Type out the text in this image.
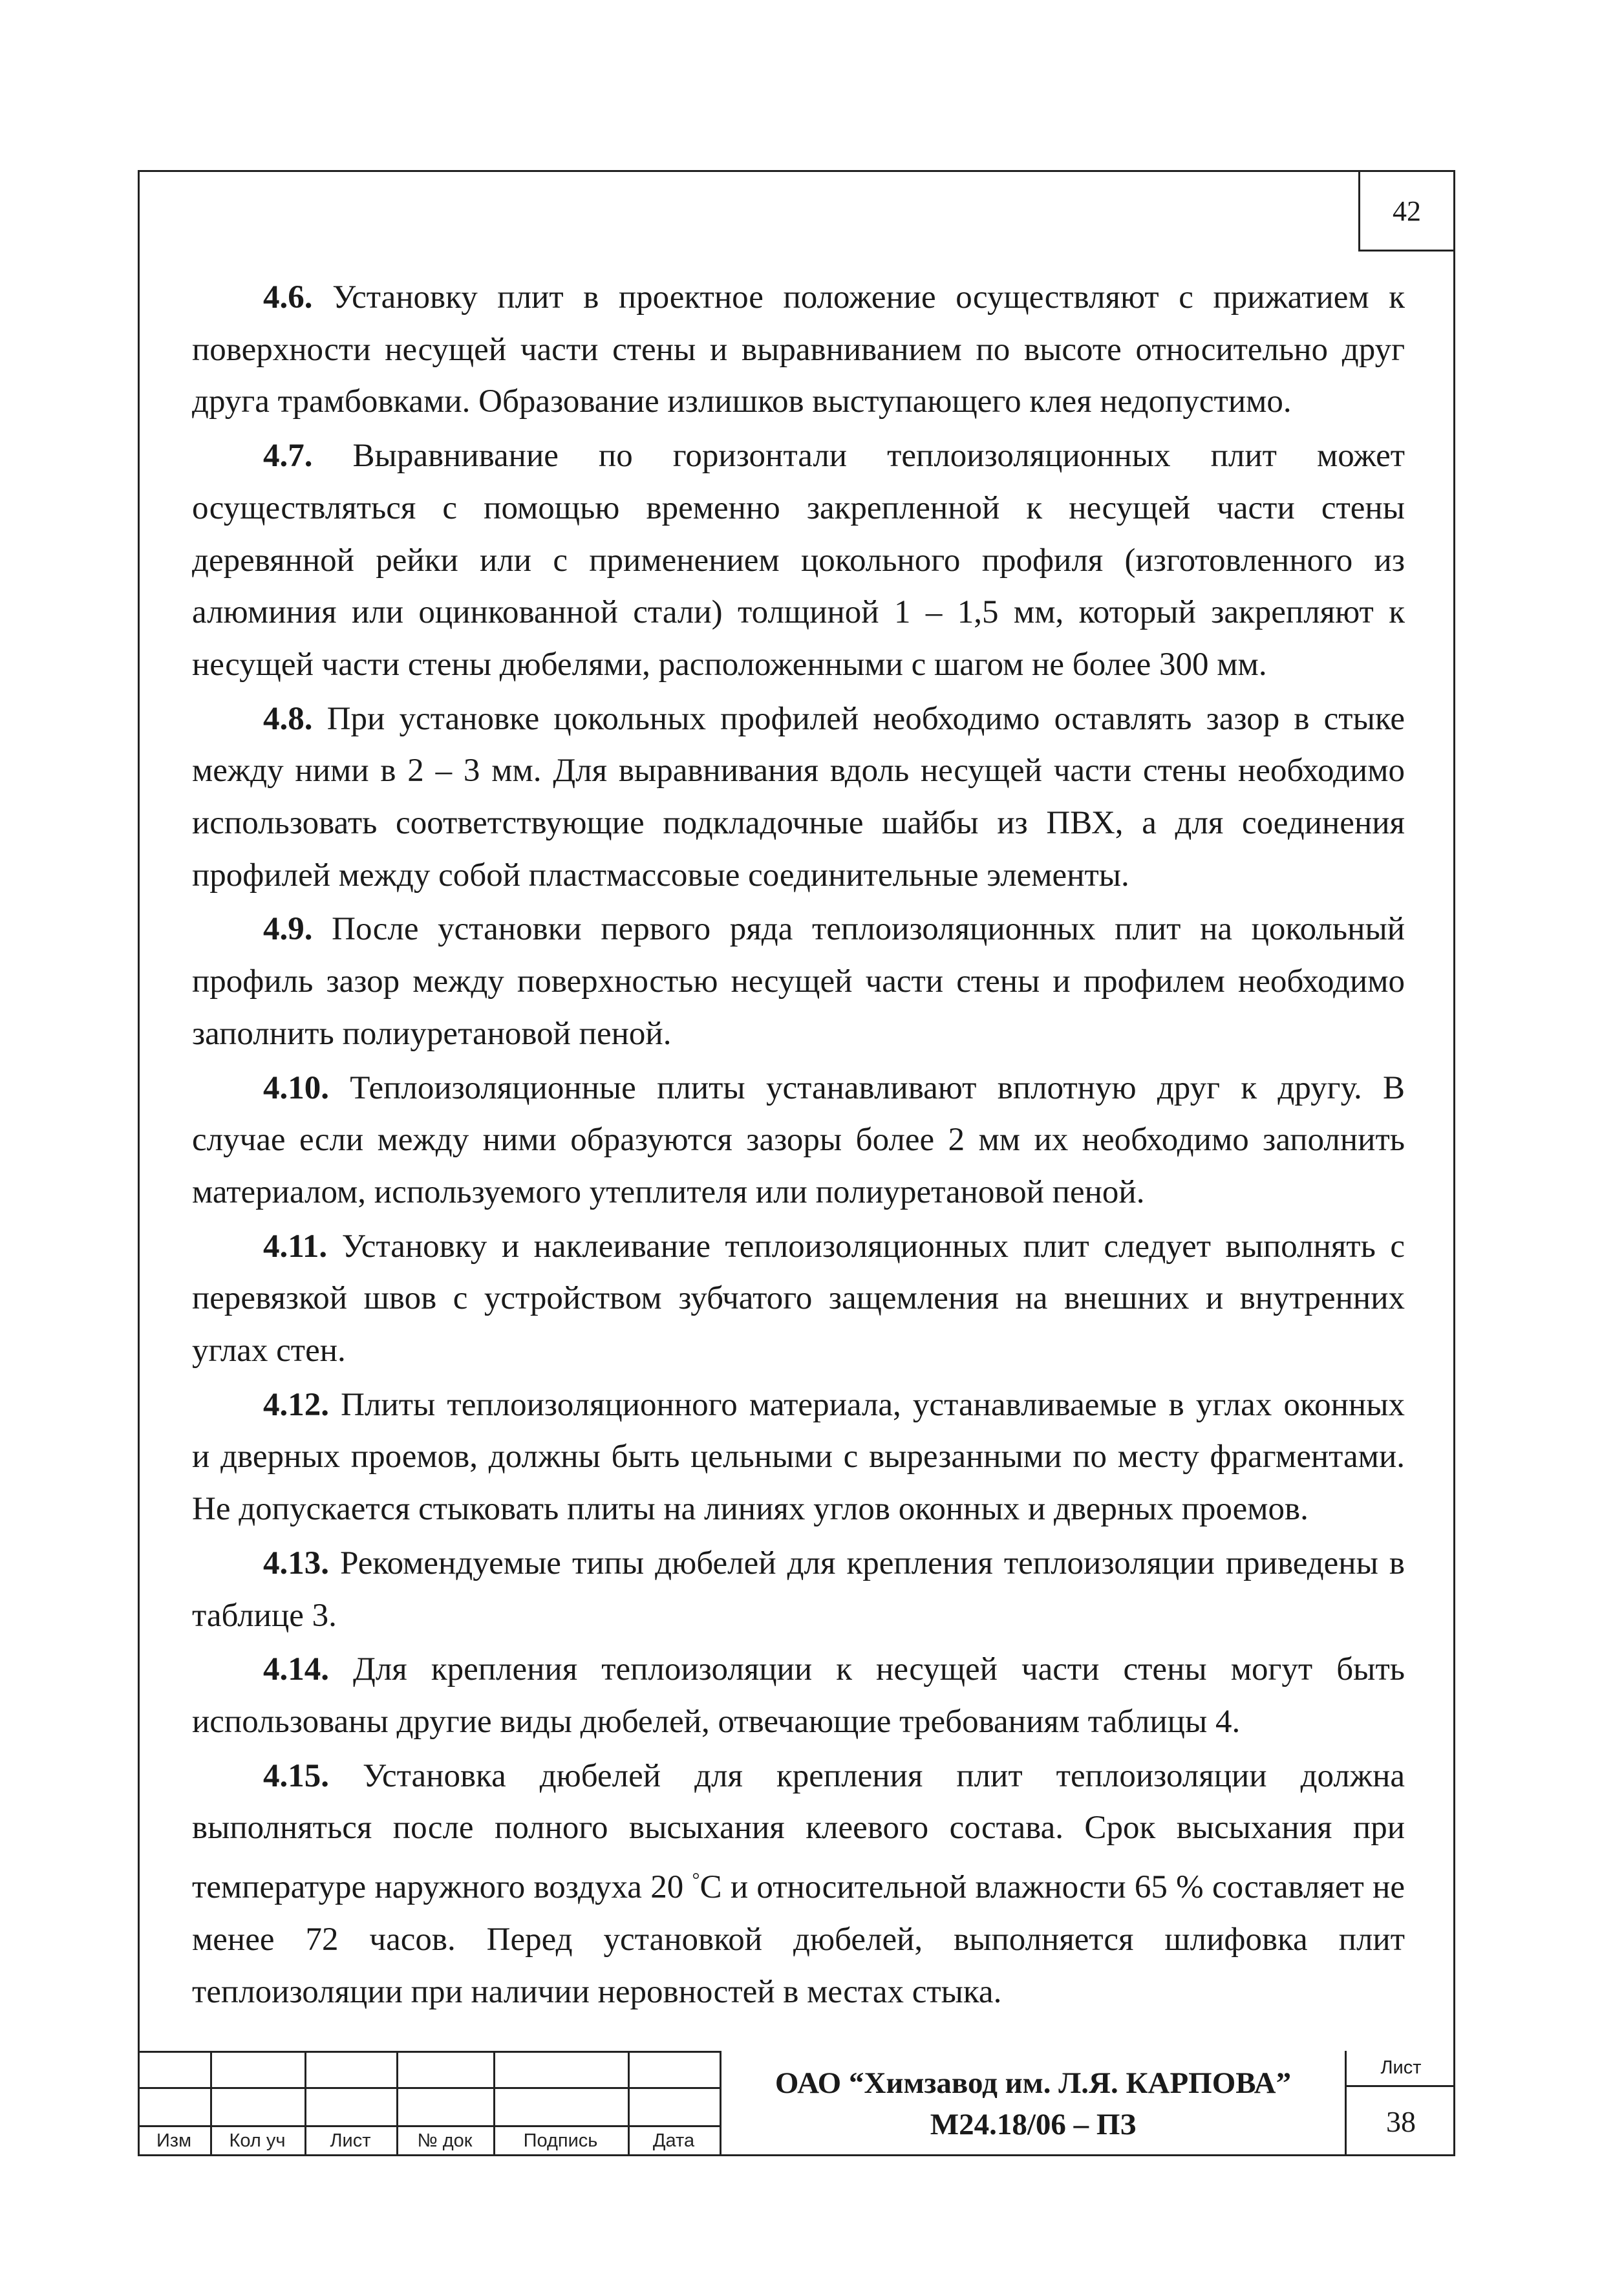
42

4.6. Установку плит в проектное положение осуществляют с прижатием к поверхности несущей части стены и выравниванием по высоте относительно друг друга трамбовками. Образование излишков выступающего клея недопустимо.

4.7. Выравнивание по горизонтали теплоизоляционных плит может осуществляться с помощью временно закрепленной к несущей части стены деревянной рейки или с применением цокольного профиля (изготовленного из алюминия или оцинкованной стали) толщиной 1 – 1,5 мм, который закрепляют к несущей части стены дюбелями, расположенными с шагом не более 300 мм.

4.8. При установке цокольных профилей необходимо оставлять зазор в стыке между ними в 2 – 3 мм. Для выравнивания вдоль несущей части стены необходимо использовать соответствующие подкладочные шайбы из ПВХ, а для соединения профилей между собой пластмассовые соединительные элементы.

4.9. После установки первого ряда теплоизоляционных плит на цокольный профиль зазор между поверхностью несущей части стены и профилем необходимо заполнить полиуретановой пеной.

4.10. Теплоизоляционные плиты устанавливают вплотную друг к другу. В случае если между ними образуются зазоры более 2 мм их необходимо заполнить материалом, используемого утеплителя или полиуретановой пеной.

4.11. Установку и наклеивание теплоизоляционных плит следует выполнять с перевязкой швов с устройством зубчатого защемления на внешних и внутренних углах стен.

4.12. Плиты теплоизоляционного материала, устанавливаемые в углах оконных и дверных проемов, должны быть цельными с вырезанными по месту фрагментами. Не допускается стыковать плиты на линиях углов оконных и дверных проемов.

4.13. Рекомендуемые типы дюбелей для крепления теплоизоляции приведены в таблице 3.

4.14. Для крепления теплоизоляции к несущей части стены могут быть использованы другие виды дюбелей, отвечающие требованиям таблицы 4.

4.15. Установка дюбелей для крепления плит теплоизоляции должна выполняться после полного высыхания клеевого состава. Срок высыхания при температуре наружного воздуха 20 °С и относительной влажности 65 % составляет не менее 72 часов. Перед установкой дюбелей, выполняется шлифовка плит теплоизоляции при наличии неровностей в местах стыка.

Изм	Кол уч	Лист	№ док	Подпись	Дата
ОАО “Химзавод им. Л.Я. КАРПОВА”
М24.18/06 – ПЗ
Лист
38
